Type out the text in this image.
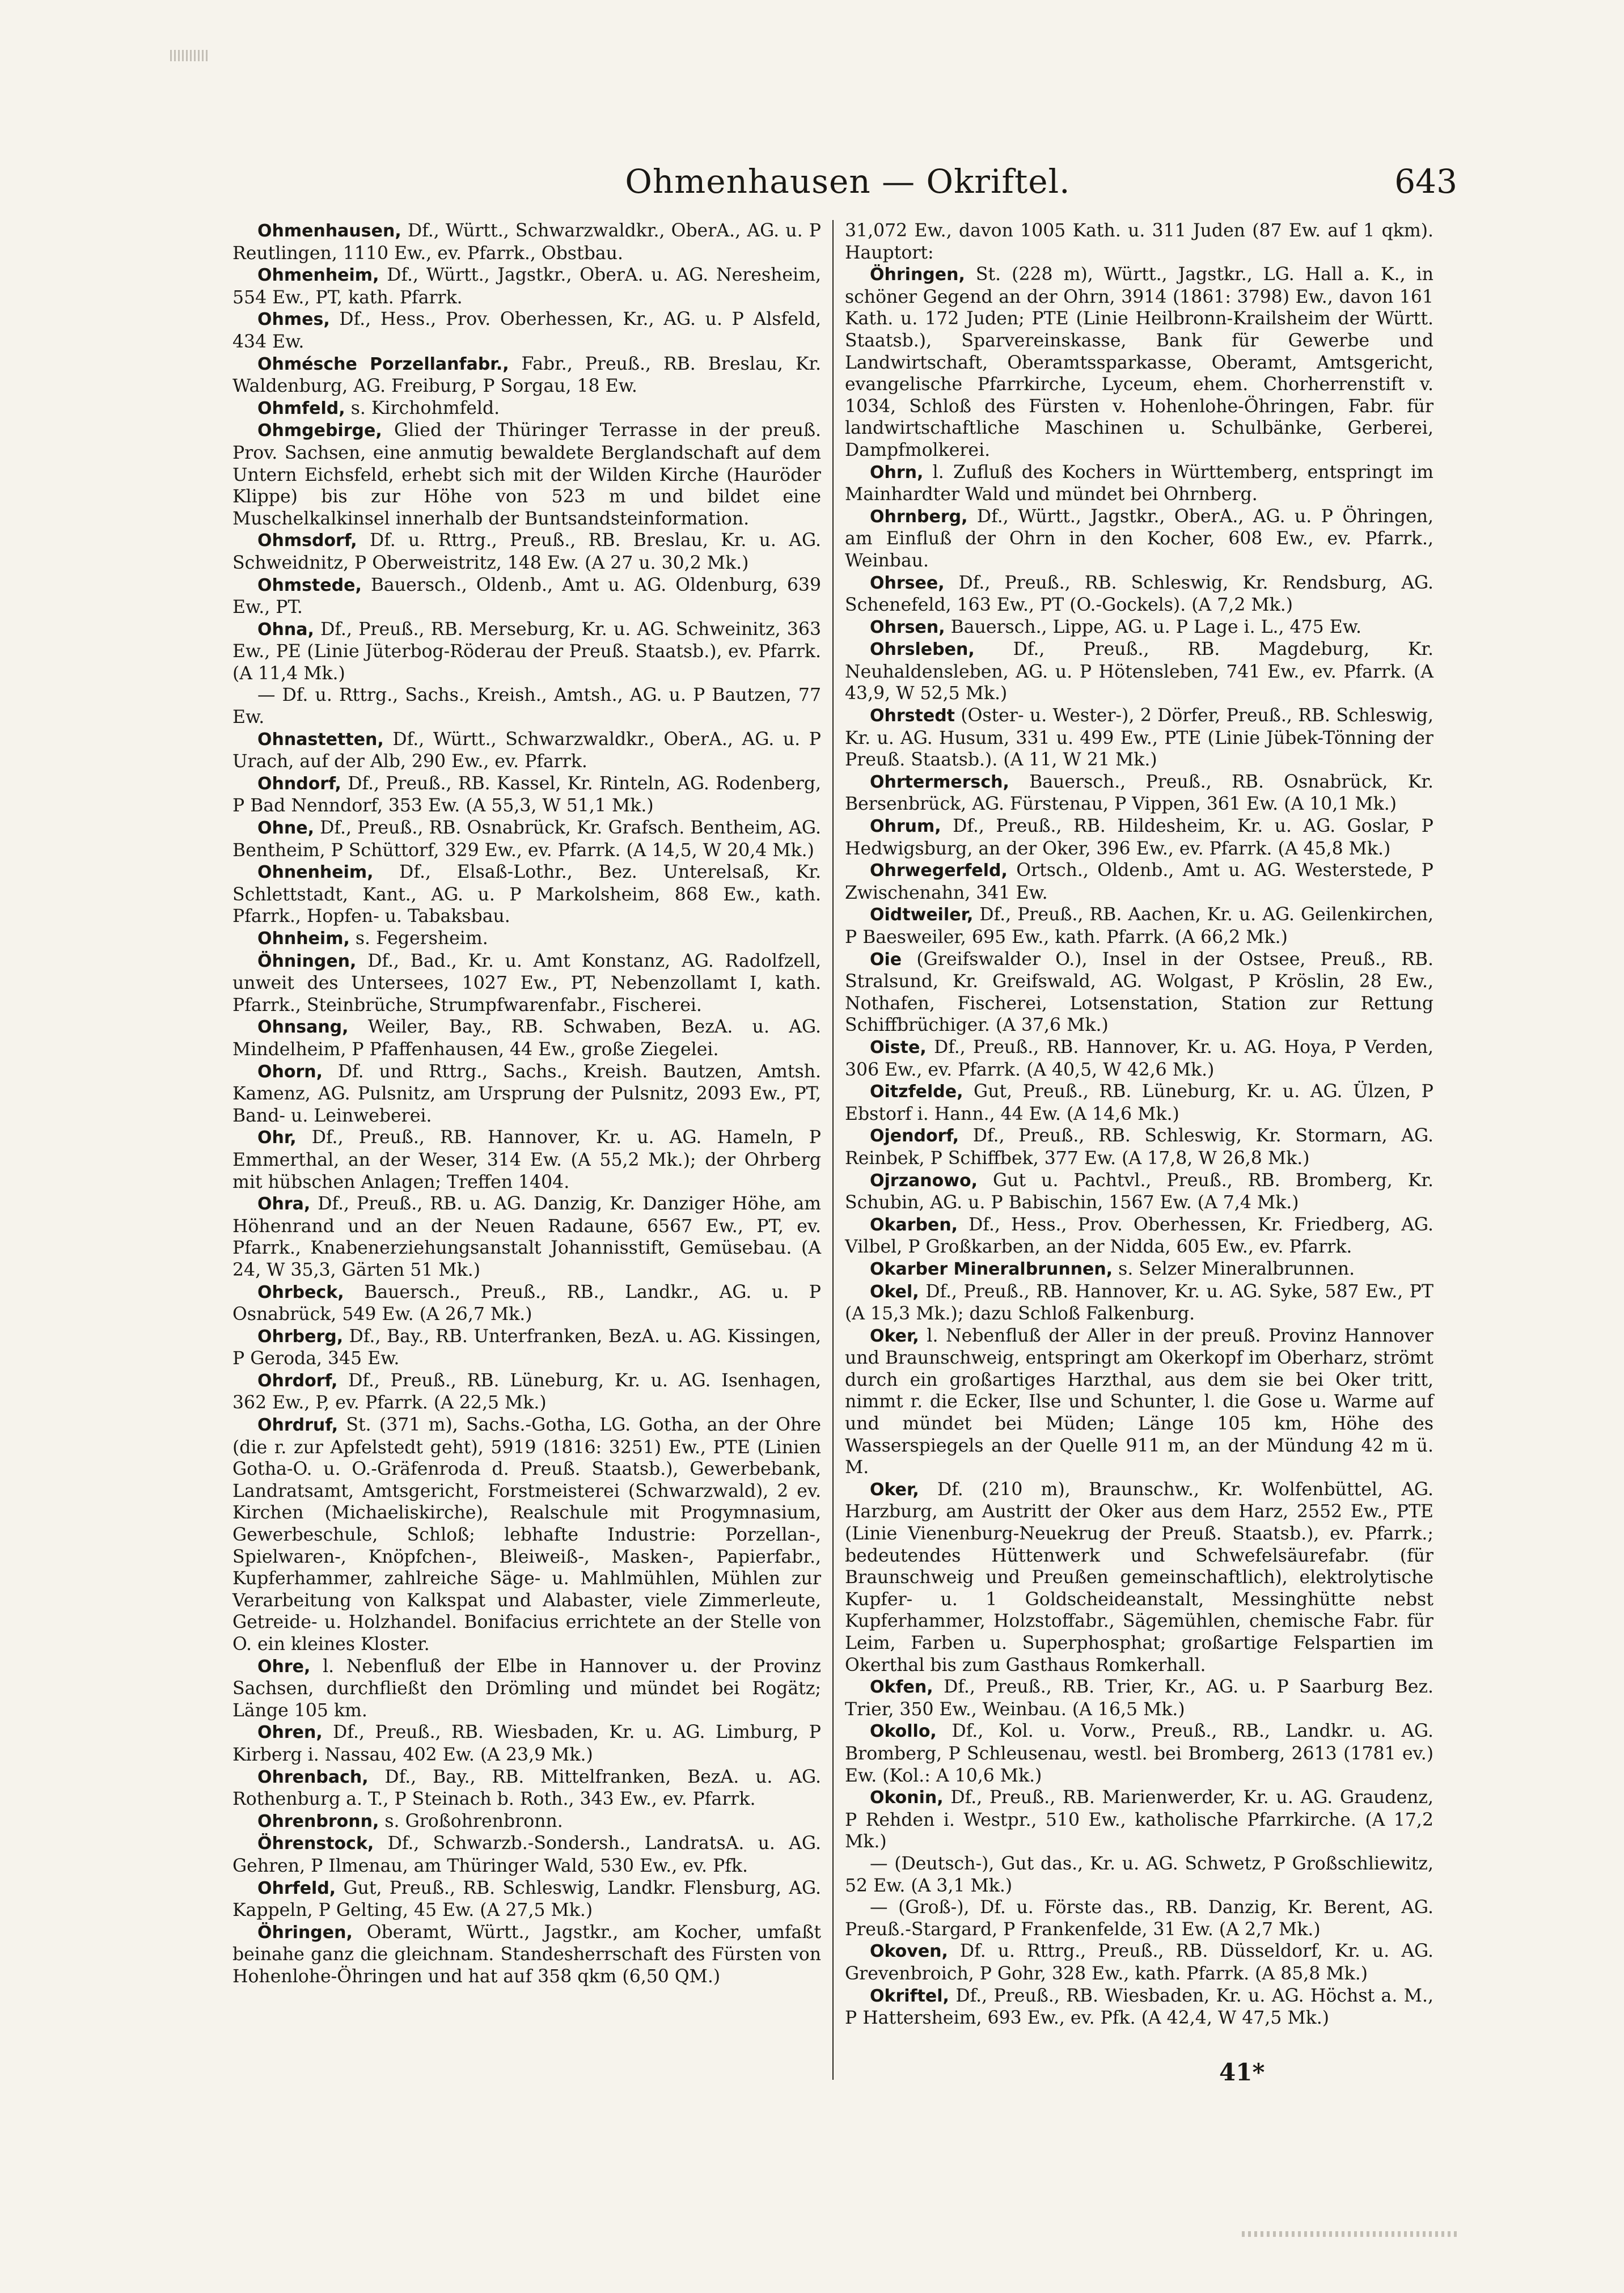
Ohmenhausen — Okriftel.	643

Ohmenhausen, Df., Württ., Schwarzwaldkr., OberA., AG. u. P Reutlingen, 1110 Ew., ev. Pfarrk., Obstbau.

Ohmenheim, Df., Württ., Jagstkr., OberA. u. AG. Neresheim, 554 Ew., PT, kath. Pfarrk.

Ohmes, Df., Hess., Prov. Oberhessen, Kr., AG. u. P Alsfeld, 434 Ew.

Ohmésche Porzellanfabr., Fabr., Preuß., RB. Breslau, Kr. Waldenburg, AG. Freiburg, P Sorgau, 18 Ew.

Ohmfeld, s. Kirchohmfeld.

Ohmgebirge, Glied der Thüringer Terrasse in der preuß. Prov. Sachsen, eine anmutig bewaldete Berglandschaft auf dem Untern Eichsfeld, erhebt sich mit der Wilden Kirche (Hauröder Klippe) bis zur Höhe von 523 m und bildet eine Muschelkalkinsel innerhalb der Buntsandsteinformation.

Ohmsdorf, Df. u. Rttrg., Preuß., RB. Breslau, Kr. u. AG. Schweidnitz, P Oberweistritz, 148 Ew. (A 27 u. 30,2 Mk.)

Ohmstede, Bauersch., Oldenb., Amt u. AG. Oldenburg, 639 Ew., PT.

Ohna, Df., Preuß., RB. Merseburg, Kr. u. AG. Schweinitz, 363 Ew., PE (Linie Jüterbog-Röderau der Preuß. Staatsb.), ev. Pfarrk. (A 11,4 Mk.)

— Df. u. Rttrg., Sachs., Kreish., Amtsh., AG. u. P Bautzen, 77 Ew.

Ohnastetten, Df., Württ., Schwarzwaldkr., OberA., AG. u. P Urach, auf der Alb, 290 Ew., ev. Pfarrk.

Ohndorf, Df., Preuß., RB. Kassel, Kr. Rinteln, AG. Rodenberg, P Bad Nenndorf, 353 Ew. (A 55,3, W 51,1 Mk.)

Ohne, Df., Preuß., RB. Osnabrück, Kr. Grafsch. Bentheim, AG. Bentheim, P Schüttorf, 329 Ew., ev. Pfarrk. (A 14,5, W 20,4 Mk.)

Ohnenheim, Df., Elsaß-Lothr., Bez. Unterelsaß, Kr. Schlettstadt, Kant., AG. u. P Markolsheim, 868 Ew., kath. Pfarrk., Hopfen- u. Tabaksbau.

Ohnheim, s. Fegersheim.

Öhningen, Df., Bad., Kr. u. Amt Konstanz, AG. Radolfzell, unweit des Untersees, 1027 Ew., PT, Nebenzollamt I, kath. Pfarrk., Steinbrüche, Strumpfwarenfabr., Fischerei.

Ohnsang, Weiler, Bay., RB. Schwaben, BezA. u. AG. Mindelheim, P Pfaffenhausen, 44 Ew., große Ziegelei.

Ohorn, Df. und Rttrg., Sachs., Kreish. Bautzen, Amtsh. Kamenz, AG. Pulsnitz, am Ursprung der Pulsnitz, 2093 Ew., PT, Band- u. Leinweberei.

Ohr, Df., Preuß., RB. Hannover, Kr. u. AG. Hameln, P Emmerthal, an der Weser, 314 Ew. (A 55,2 Mk.); der Ohrberg mit hübschen Anlagen; Treffen 1404.

Ohra, Df., Preuß., RB. u. AG. Danzig, Kr. Danziger Höhe, am Höhenrand und an der Neuen Radaune, 6567 Ew., PT, ev. Pfarrk., Knabenerziehungsanstalt Johannisstift, Gemüsebau. (A 24, W 35,3, Gärten 51 Mk.)

Ohrbeck, Bauersch., Preuß., RB., Landkr., AG. u. P Osnabrück, 549 Ew. (A 26,7 Mk.)

Ohrberg, Df., Bay., RB. Unterfranken, BezA. u. AG. Kissingen, P Geroda, 345 Ew.

Ohrdorf, Df., Preuß., RB. Lüneburg, Kr. u. AG. Isenhagen, 362 Ew., P, ev. Pfarrk. (A 22,5 Mk.)

Ohrdruf, St. (371 m), Sachs.-Gotha, LG. Gotha, an der Ohre (die r. zur Apfelstedt geht), 5919 (1816: 3251) Ew., PTE (Linien Gotha-O. u. O.-Gräfenroda d. Preuß. Staatsb.), Gewerbebank, Landratsamt, Amtsgericht, Forstmeisterei (Schwarzwald), 2 ev. Kirchen (Michaeliskirche), Realschule mit Progymnasium, Gewerbeschule, Schloß; lebhafte Industrie: Porzellan-, Spielwaren-, Knöpfchen-, Bleiweiß-, Masken-, Papierfabr., Kupferhammer, zahlreiche Säge- u. Mahlmühlen, Mühlen zur Verarbeitung von Kalkspat und Alabaster, viele Zimmerleute, Getreide- u. Holzhandel. Bonifacius errichtete an der Stelle von O. ein kleines Kloster.

Ohre, l. Nebenfluß der Elbe in Hannover u. der Provinz Sachsen, durchfließt den Drömling und mündet bei Rogätz; Länge 105 km.

Ohren, Df., Preuß., RB. Wiesbaden, Kr. u. AG. Limburg, P Kirberg i. Nassau, 402 Ew. (A 23,9 Mk.)

Ohrenbach, Df., Bay., RB. Mittelfranken, BezA. u. AG. Rothenburg a. T., P Steinach b. Roth., 343 Ew., ev. Pfarrk.

Ohrenbronn, s. Großohrenbronn.

Öhrenstock, Df., Schwarzb.-Sondersh., LandratsA. u. AG. Gehren, P Ilmenau, am Thüringer Wald, 530 Ew., ev. Pfk.

Ohrfeld, Gut, Preuß., RB. Schleswig, Landkr. Flensburg, AG. Kappeln, P Gelting, 45 Ew. (A 27,5 Mk.)

Öhringen, Oberamt, Württ., Jagstkr., am Kocher, umfaßt beinahe ganz die gleichnam. Standesherrschaft des Fürsten von Hohenlohe-Öhringen und hat auf 358 qkm (6,50 QM.)

31,072 Ew., davon 1005 Kath. u. 311 Juden (87 Ew. auf 1 qkm). Hauptort:

Öhringen, St. (228 m), Württ., Jagstkr., LG. Hall a. K., in schöner Gegend an der Ohrn, 3914 (1861: 3798) Ew., davon 161 Kath. u. 172 Juden; PTE (Linie Heilbronn-Krailsheim der Württ. Staatsb.), Sparvereinskasse, Bank für Gewerbe und Landwirtschaft, Oberamtssparkasse, Oberamt, Amtsgericht, evangelische Pfarrkirche, Lyceum, ehem. Chorherrenstift v. 1034, Schloß des Fürsten v. Hohenlohe-Öhringen, Fabr. für landwirtschaftliche Maschinen u. Schulbänke, Gerberei, Dampfmolkerei.

Ohrn, l. Zufluß des Kochers in Württemberg, entspringt im Mainhardter Wald und mündet bei Ohrnberg.

Ohrnberg, Df., Württ., Jagstkr., OberA., AG. u. P Öhringen, am Einfluß der Ohrn in den Kocher, 608 Ew., ev. Pfarrk., Weinbau.

Ohrsee, Df., Preuß., RB. Schleswig, Kr. Rendsburg, AG. Schenefeld, 163 Ew., PT (O.-Gockels). (A 7,2 Mk.)

Ohrsen, Bauersch., Lippe, AG. u. P Lage i. L., 475 Ew.

Ohrsleben, Df., Preuß., RB. Magdeburg, Kr. Neuhaldensleben, AG. u. P Hötensleben, 741 Ew., ev. Pfarrk. (A 43,9, W 52,5 Mk.)

Ohrstedt (Oster- u. Wester-), 2 Dörfer, Preuß., RB. Schleswig, Kr. u. AG. Husum, 331 u. 499 Ew., PTE (Linie Jübek-Tönning der Preuß. Staatsb.). (A 11, W 21 Mk.)

Ohrtermersch, Bauersch., Preuß., RB. Osnabrück, Kr. Bersenbrück, AG. Fürstenau, P Vippen, 361 Ew. (A 10,1 Mk.)

Ohrum, Df., Preuß., RB. Hildesheim, Kr. u. AG. Goslar, P Hedwigsburg, an der Oker, 396 Ew., ev. Pfarrk. (A 45,8 Mk.)

Ohrwegerfeld, Ortsch., Oldenb., Amt u. AG. Westerstede, P Zwischenahn, 341 Ew.

Oidtweiler, Df., Preuß., RB. Aachen, Kr. u. AG. Geilenkirchen, P Baesweiler, 695 Ew., kath. Pfarrk. (A 66,2 Mk.)

Oie (Greifswalder O.), Insel in der Ostsee, Preuß., RB. Stralsund, Kr. Greifswald, AG. Wolgast, P Kröslin, 28 Ew., Nothafen, Fischerei, Lotsenstation, Station zur Rettung Schiffbrüchiger. (A 37,6 Mk.)

Oiste, Df., Preuß., RB. Hannover, Kr. u. AG. Hoya, P Verden, 306 Ew., ev. Pfarrk. (A 40,5, W 42,6 Mk.)

Oitzfelde, Gut, Preuß., RB. Lüneburg, Kr. u. AG. Ülzen, P Ebstorf i. Hann., 44 Ew. (A 14,6 Mk.)

Ojendorf, Df., Preuß., RB. Schleswig, Kr. Stormarn, AG. Reinbek, P Schiffbek, 377 Ew. (A 17,8, W 26,8 Mk.)

Ojrzanowo, Gut u. Pachtvl., Preuß., RB. Bromberg, Kr. Schubin, AG. u. P Babischin, 1567 Ew. (A 7,4 Mk.)

Okarben, Df., Hess., Prov. Oberhessen, Kr. Friedberg, AG. Vilbel, P Großkarben, an der Nidda, 605 Ew., ev. Pfarrk.

Okarber Mineralbrunnen, s. Selzer Mineralbrunnen.

Okel, Df., Preuß., RB. Hannover, Kr. u. AG. Syke, 587 Ew., PT (A 15,3 Mk.); dazu Schloß Falkenburg.

Oker, l. Nebenfluß der Aller in der preuß. Provinz Hannover und Braunschweig, entspringt am Okerkopf im Oberharz, strömt durch ein großartiges Harzthal, aus dem sie bei Oker tritt, nimmt r. die Ecker, Ilse und Schunter, l. die Gose u. Warme auf und mündet bei Müden; Länge 105 km, Höhe des Wasserspiegels an der Quelle 911 m, an der Mündung 42 m ü. M.

Oker, Df. (210 m), Braunschw., Kr. Wolfenbüttel, AG. Harzburg, am Austritt der Oker aus dem Harz, 2552 Ew., PTE (Linie Vienenburg-Neuekrug der Preuß. Staatsb.), ev. Pfarrk.; bedeutendes Hüttenwerk und Schwefelsäurefabr. (für Braunschweig und Preußen gemeinschaftlich), elektrolytische Kupfer- u. 1 Goldscheideanstalt, Messinghütte nebst Kupferhammer, Holzstoffabr., Sägemühlen, chemische Fabr. für Leim, Farben u. Superphosphat; großartige Felspartien im Okerthal bis zum Gasthaus Romkerhall.

Okfen, Df., Preuß., RB. Trier, Kr., AG. u. P Saarburg Bez. Trier, 350 Ew., Weinbau. (A 16,5 Mk.)

Okollo, Df., Kol. u. Vorw., Preuß., RB., Landkr. u. AG. Bromberg, P Schleusenau, westl. bei Bromberg, 2613 (1781 ev.) Ew. (Kol.: A 10,6 Mk.)

Okonin, Df., Preuß., RB. Marienwerder, Kr. u. AG. Graudenz, P Rehden i. Westpr., 510 Ew., katholische Pfarrkirche. (A 17,2 Mk.)

— (Deutsch-), Gut das., Kr. u. AG. Schwetz, P Großschliewitz, 52 Ew. (A 3,1 Mk.)

— (Groß-), Df. u. Förste das., RB. Danzig, Kr. Berent, AG. Preuß.-Stargard, P Frankenfelde, 31 Ew. (A 2,7 Mk.)

Okoven, Df. u. Rttrg., Preuß., RB. Düsseldorf, Kr. u. AG. Grevenbroich, P Gohr, 328 Ew., kath. Pfarrk. (A 85,8 Mk.)

Okriftel, Df., Preuß., RB. Wiesbaden, Kr. u. AG. Höchst a. M., P Hattersheim, 693 Ew., ev. Pfk. (A 42,4, W 47,5 Mk.)

41*
